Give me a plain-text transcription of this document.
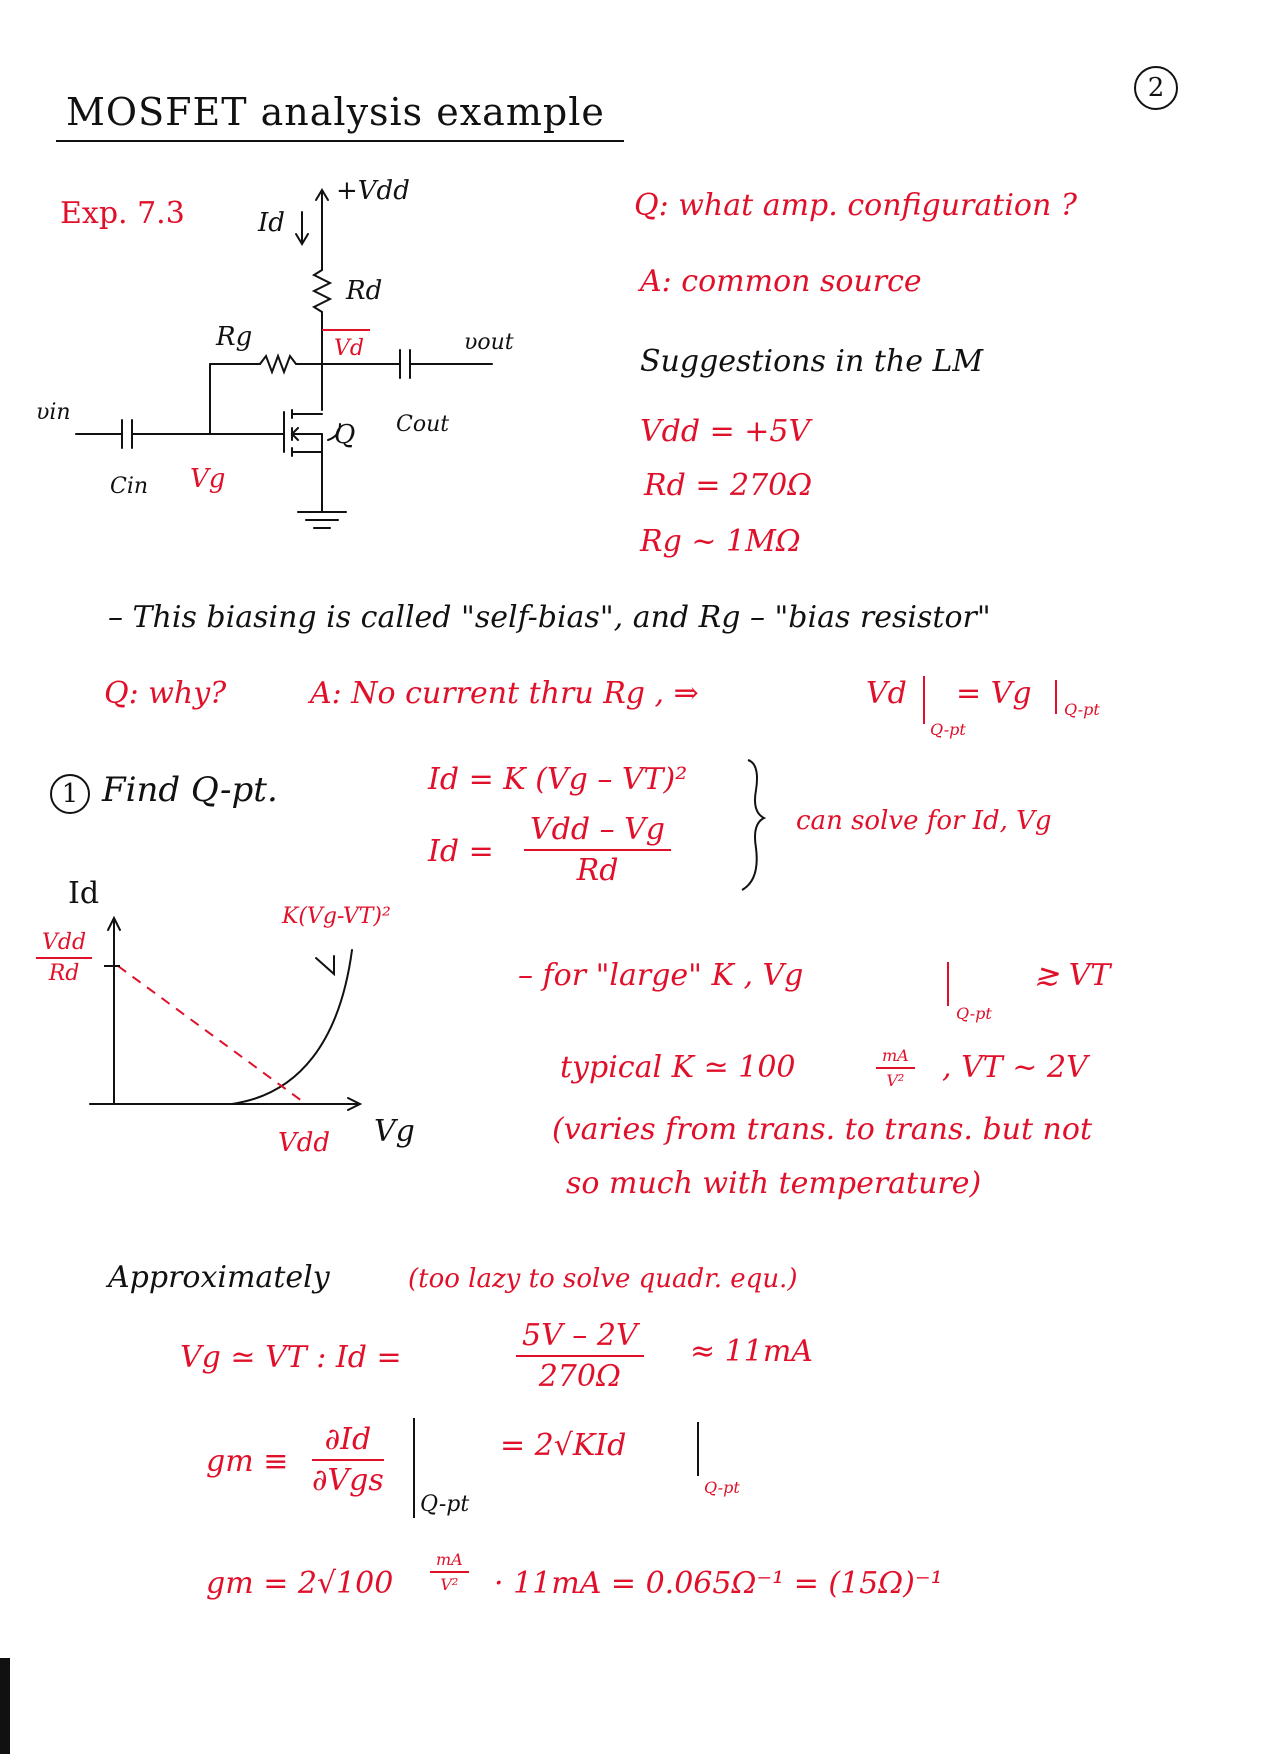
2
MOSFET analysis example
Exp. 7.3
+Vdd
Id
Rd
Rg	Vd	υout
υin	Cout
Cin Vg
Q
Q: what amp. configuration ?
A: common source
Suggestions in the LM
Vdd = +5V
Rd = 270Ω
Rg ~ 1MΩ
– This biasing is called "self-bias", and Rg – "bias resistor"
Q: why?	A: No current thru Rg , ⇒	Vd
Q-pt
= Vg Q-pt
1 Find Q-pt.	Id = K (Vg – VT)²
Id =
Vdd – Vg
Rd
can solve for Id, Vg
Id
Vdd
Rd
Vdd Vg
K(Vg-VT)²
– for "large" K , Vg
Q-pt
≳ VT
typical K ≃ 100	$\frac{mA}{\text{V²}}$ , VT ~ 2V
(varies from trans. to trans. but not
so much with temperature)
Approximately	(too lazy to solve quadr. equ.)
Vg ≃ VT : Id =	$\frac{5V - 2V}{270\Omega} \approx 11mA$
gm ≡
∂Id
∂Vgs
Q-pt
= 2√KId
Q-pt
gm = $2√100 \frac{mA}{\text{V²}} \cdot 11mA = 0.065\Omega^{-1} = (15\Omega)^{-1}$
